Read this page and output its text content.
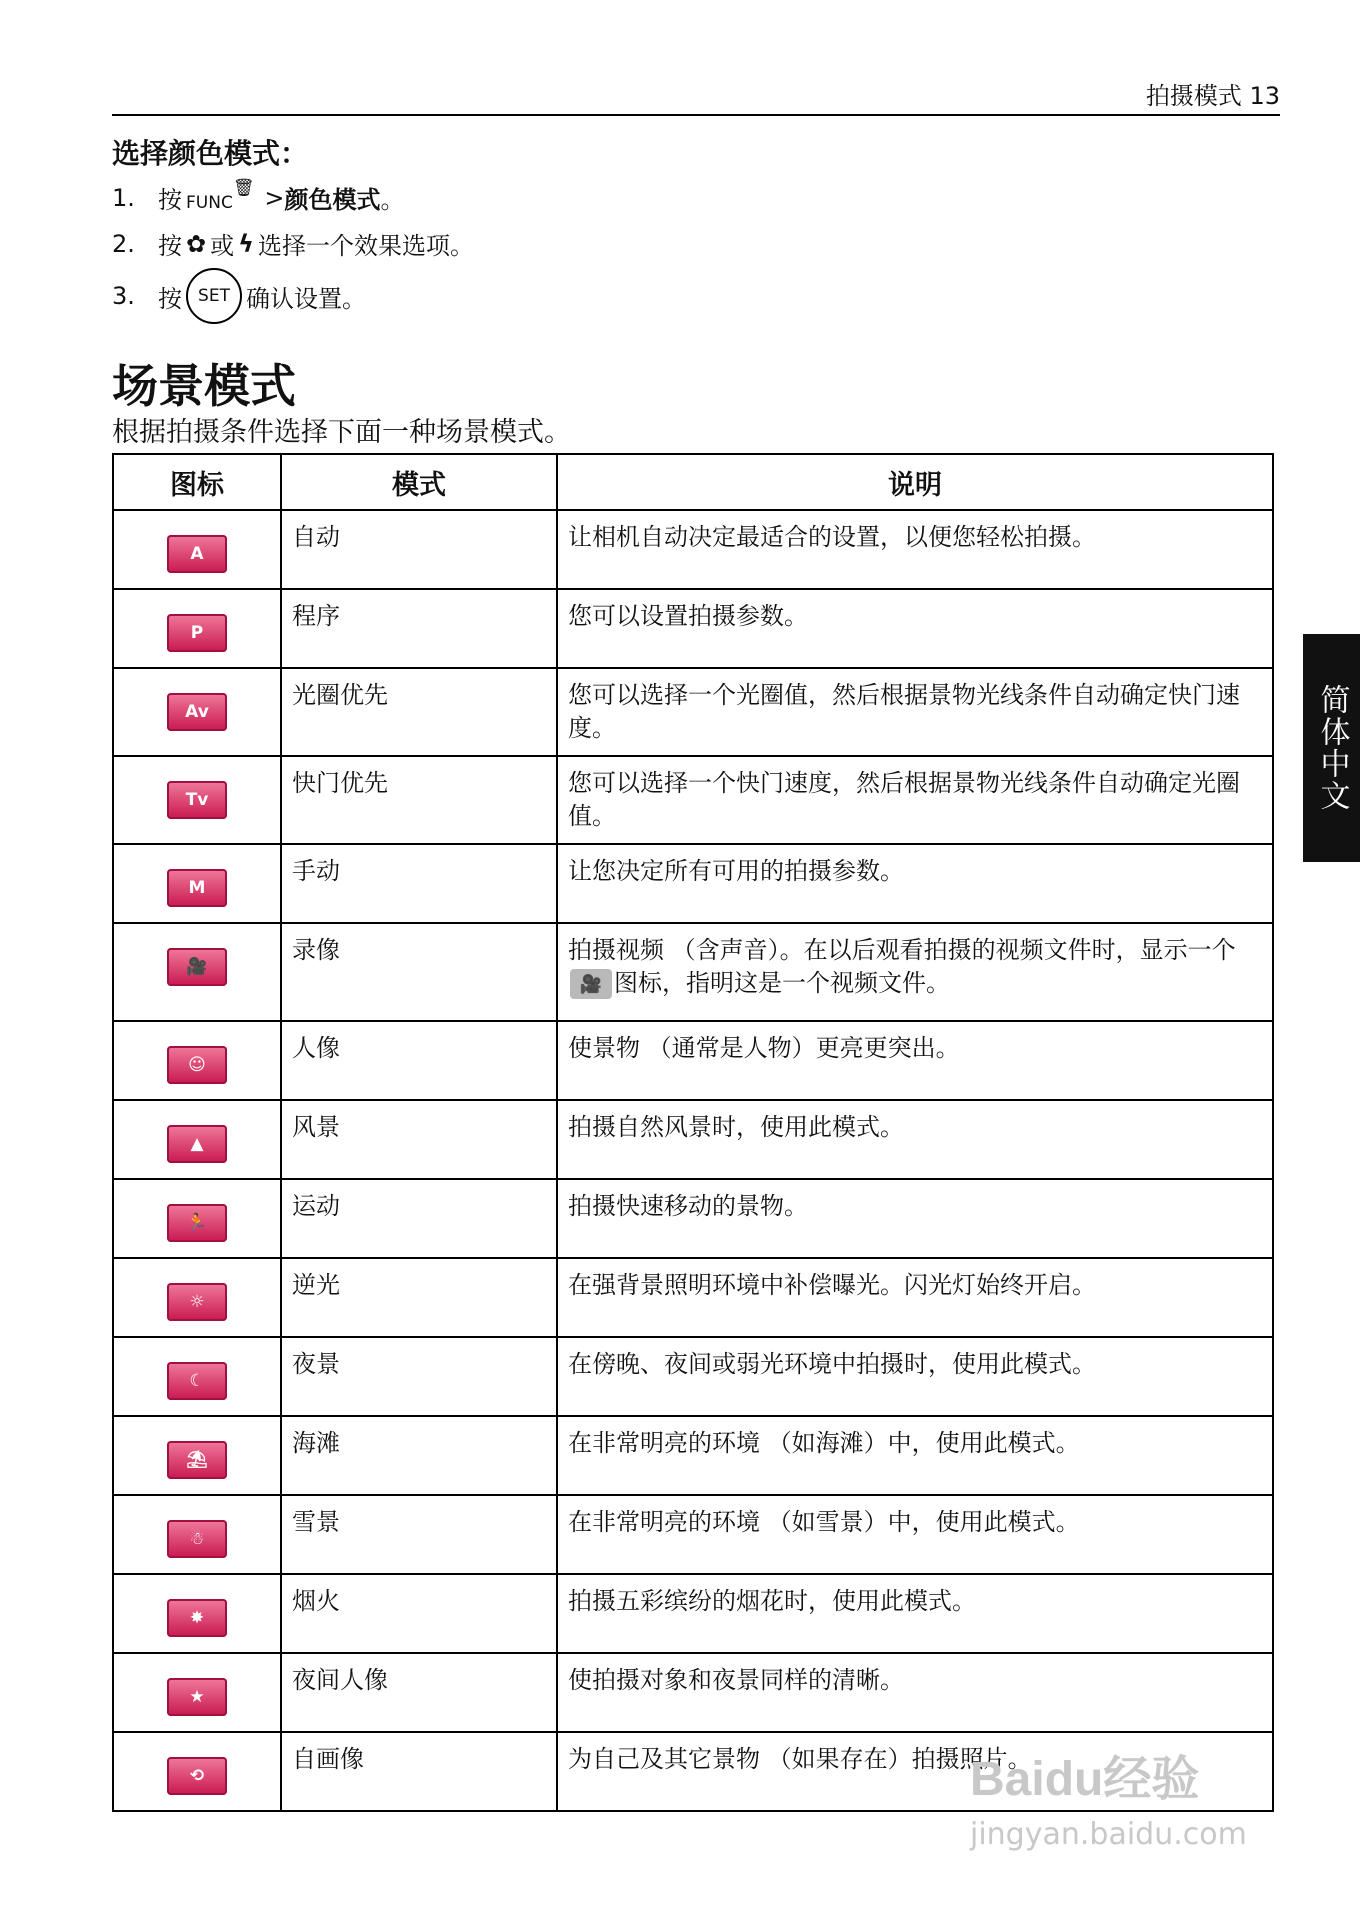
拍摄模式 13
选择颜色模式：
1. 按 FUNC
🗑 > 颜色模式 。
2. 按 ✿ 或 ϟ 选择一个效果选项。
3. 按 SET 确认设置。
场景模式
根据拍摄条件选择下面一种场景模式。
图标	模式	说明
A	自动	让相机自动决定最适合的设置，以便您轻松拍摄。
P	程序	您可以设置拍摄参数。
Av	光圈优先	您可以选择一个光圈值，然后根据景物光线条件自动确定快门速度。
Tv	快门优先	您可以选择一个快门速度，然后根据景物光线条件自动确定光圈值。
M	手动	让您决定所有可用的拍摄参数。
🎥	录像	拍摄视频 （含声音）。在以后观看拍摄的视频文件时，显示一个🎥 图标，指明这是一个视频文件。
☺	人像	使景物 （通常是人物）更亮更突出。
▲	风景	拍摄自然风景时，使用此模式。
🏃	运动	拍摄快速移动的景物。
☼	逆光	在强背景照明环境中补偿曝光。闪光灯始终开启。
☾	夜景	在傍晚、夜间或弱光环境中拍摄时，使用此模式。
⛱	海滩	在非常明亮的环境 （如海滩）中，使用此模式。
☃	雪景	在非常明亮的环境 （如雪景）中，使用此模式。
✸	烟火	拍摄五彩缤纷的烟花时，使用此模式。
★	夜间人像	使拍摄对象和夜景同样的清晰。
⟲	自画像	为自己及其它景物 （如果存在）拍摄照片。
简体中文
Baidu经验
jingyan.baidu.com
